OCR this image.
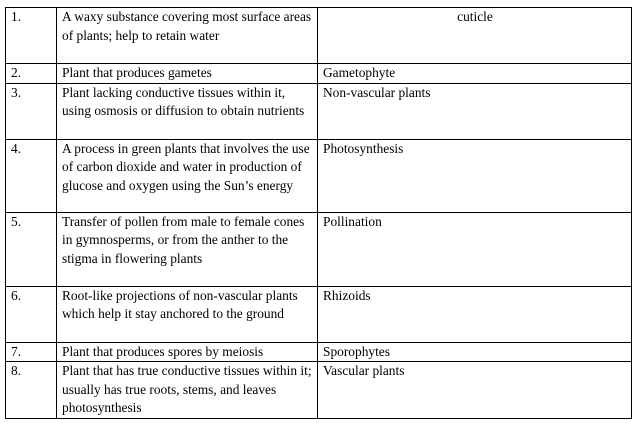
1.	A waxy substance covering most surface areas of plants; help to retain water	cuticle
2.	Plant that produces gametes	Gametophyte
3.	Plant lacking conductive tissues within it, using osmosis or diffusion to obtain nutrients	Non-vascular plants
4.	A process in green plants that involves the use of carbon dioxide and water in production of glucose and oxygen using the Sun’s energy	Photosynthesis
5.	Transfer of pollen from male to female cones in gymnosperms, or from the anther to the stigma in flowering plants	Pollination
6.	Root-like projections of non-vascular plants which help it stay anchored to the ground	Rhizoids
7.	Plant that produces spores by meiosis	Sporophytes
8.	Plant that has true conductive tissues within it; usually has true roots, stems, and leaves photosynthesis	Vascular plants
